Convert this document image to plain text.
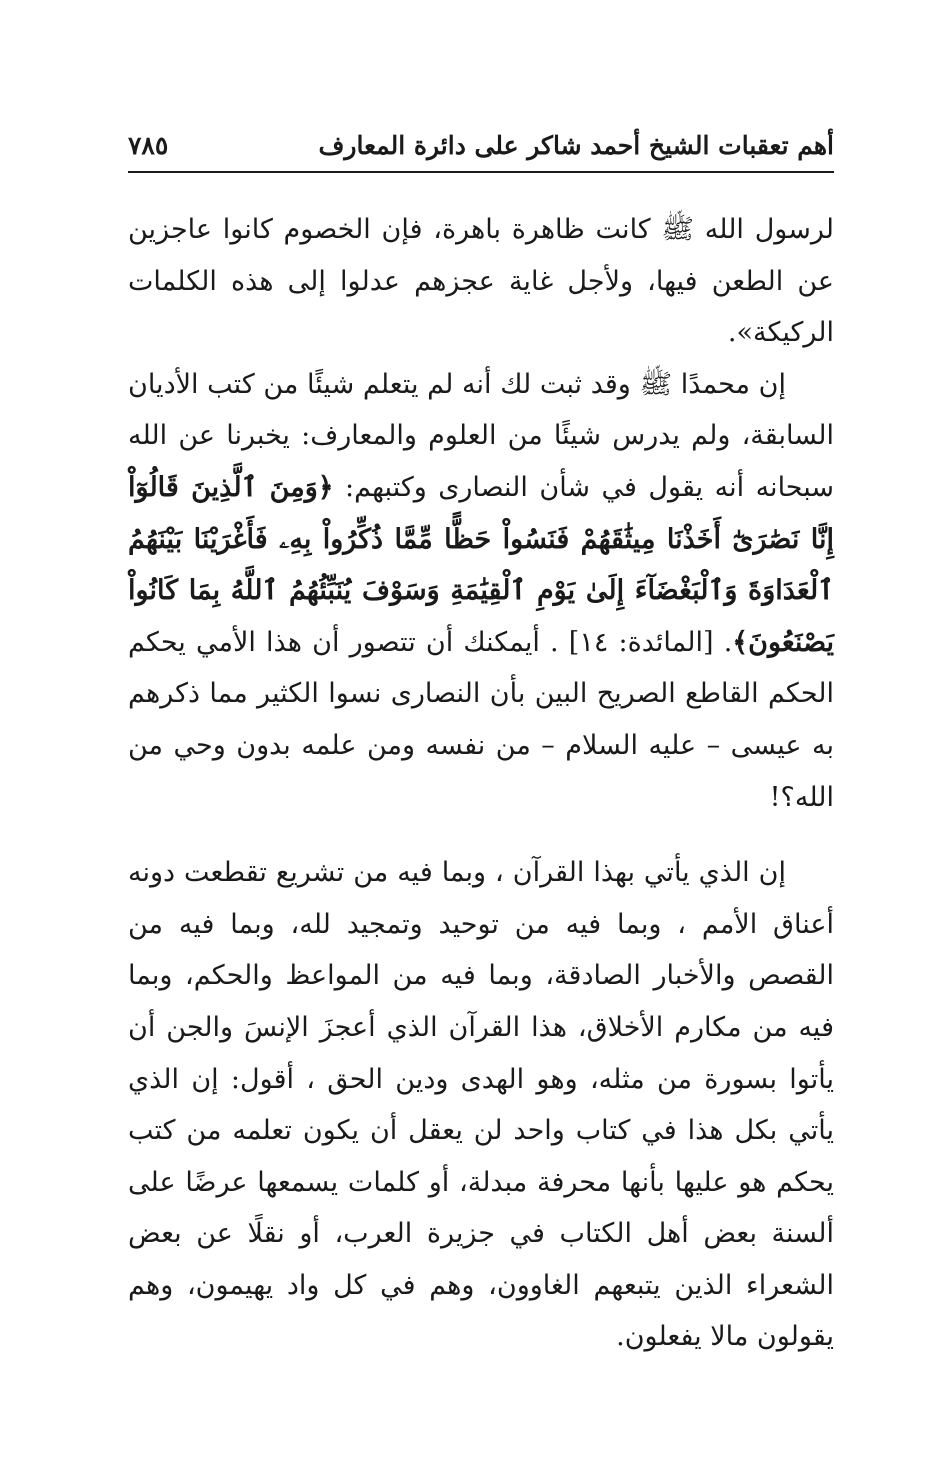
أهم تعقبات الشيخ أحمد شاكر على دائرة المعارف
٧٨٥

لرسول الله ﷺ كانت ظاهرة باهرة، فإن الخصوم كانوا عاجزين عن الطعن فيها، ولأجل غاية عجزهم عدلوا إلى هذه الكلمات الركيكة».

إن محمدًا ﷺ وقد ثبت لك أنه لم يتعلم شيئًا من كتب الأديان السابقة، ولم يدرس شيئًا من العلوم والمعارف: يخبرنا عن الله سبحانه أنه يقول في شأن النصارى وكتبهم: ﴿وَمِنَ ٱلَّذِينَ قَالُوٓاْ إِنَّا نَصَٰرَىٰٓ أَخَذْنَا مِيثَٰقَهُمْ فَنَسُواْ حَظًّا مِّمَّا ذُكِّرُواْ بِهِۦ فَأَغْرَيْنَا بَيْنَهُمُ ٱلْعَدَاوَةَ وَٱلْبَغْضَآءَ إِلَىٰ يَوْمِ ٱلْقِيَٰمَةِ وَسَوْفَ يُنَبِّئُهُمُ ٱللَّهُ بِمَا كَانُواْ يَصْنَعُونَ﴾. [المائدة: ١٤] . أيمكنك أن تتصور أن هذا الأمي يحكم الحكم القاطع الصريح البين بأن النصارى نسوا الكثير مما ذكرهم به عيسى – عليه السلام – من نفسه ومن علمه بدون وحي من الله؟!

إن الذي يأتي بهذا القرآن ، وبما فيه من تشريع تقطعت دونه أعناق الأمم ، وبما فيه من توحيد وتمجيد لله، وبما فيه من القصص والأخبار الصادقة، وبما فيه من المواعظ والحكم، وبما فيه من مكارم الأخلاق، هذا القرآن الذي أعجزَ الإنسَ والجن أن يأتوا بسورة من مثله، وهو الهدى ودين الحق ، أقول: إن الذي يأتي بكل هذا في كتاب واحد لن يعقل أن يكون تعلمه من كتب يحكم هو عليها بأنها محرفة مبدلة، أو كلمات يسمعها عرضًا على ألسنة بعض أهل الكتاب في جزيرة العرب، أو نقلًا عن بعض الشعراء الذين يتبعهم الغاوون، وهم في كل واد يهيمون، وهم يقولون مالا يفعلون.
